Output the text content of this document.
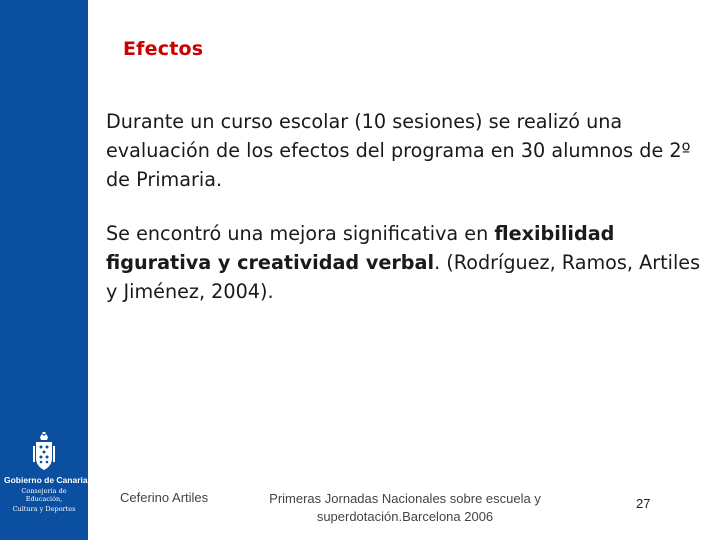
Gobierno de Canarias
Consejería de Educación,
Cultura y Deportes
Efectos
Durante un curso escolar (10 sesiones) se realizó una evaluación de los efectos del programa en 30 alumnos de 2º de Primaria.
Se encontró una mejora significativa en flexibilidad figurativa y creatividad verbal. (Rodríguez, Ramos, Artiles y Jiménez, 2004).
Ceferino Artiles	Primeras Jornadas Nacionales sobre escuela y
superdotación.Barcelona 2006
27
